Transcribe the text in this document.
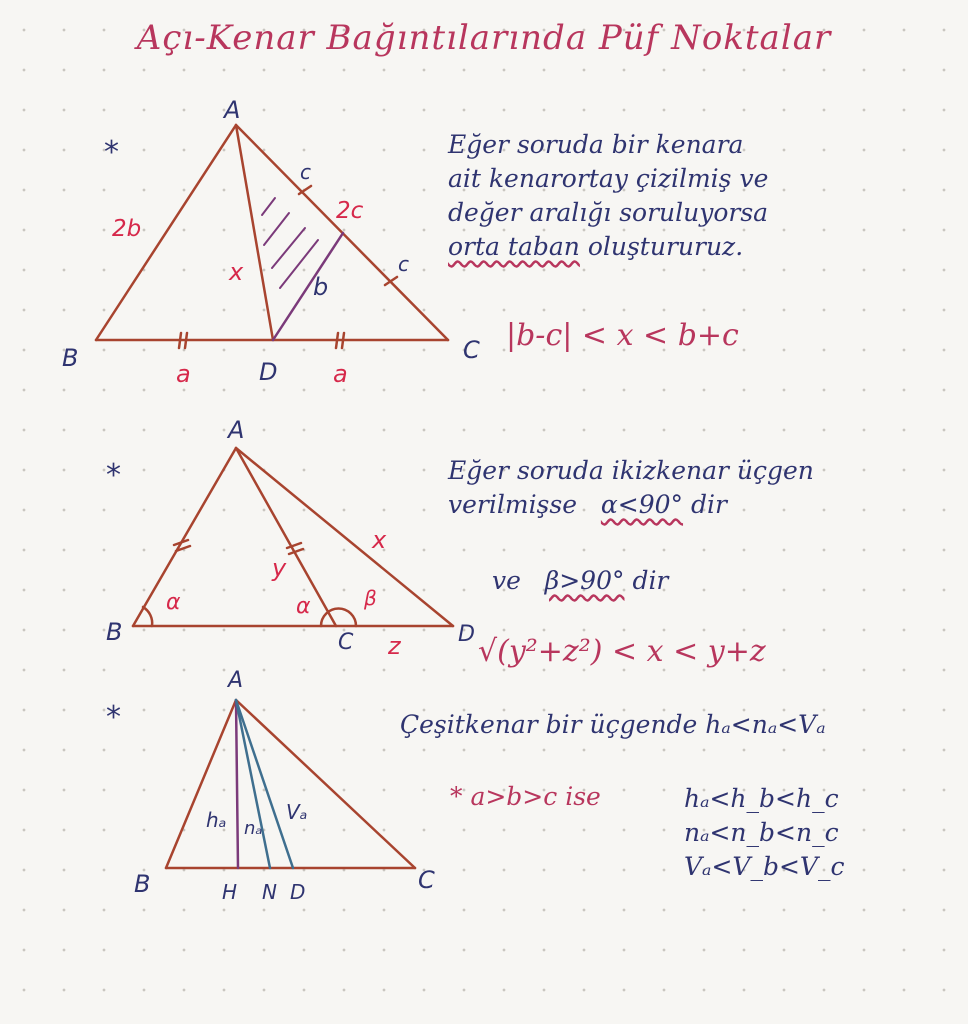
Açı-Kenar Bağıntılarında Püf Noktalar
*
A
B	C
D
2b
2c
x
b
a	a
c
c
Eğer soruda bir kenara
ait kenarortay çizilmiş ve
değer aralığı soruluyorsa
orta taban oluştururuz.
|b-c| < x < b+c
*
A
B	C	D
α	α	β
y
x
z
Eğer soruda ikizkenar üçgen
verilmişse α<90° dir
ve β>90° dir
√(y²+z²) < x < y+z
*
A
B	C
H N D
hₐ nₐ
Vₐ
Çeşitkenar bir üçgende hₐ<nₐ<Vₐ
* a>b>c ise	hₐ<h_b<h_c
nₐ<n_b<n_c
Vₐ<V_b<V_c
